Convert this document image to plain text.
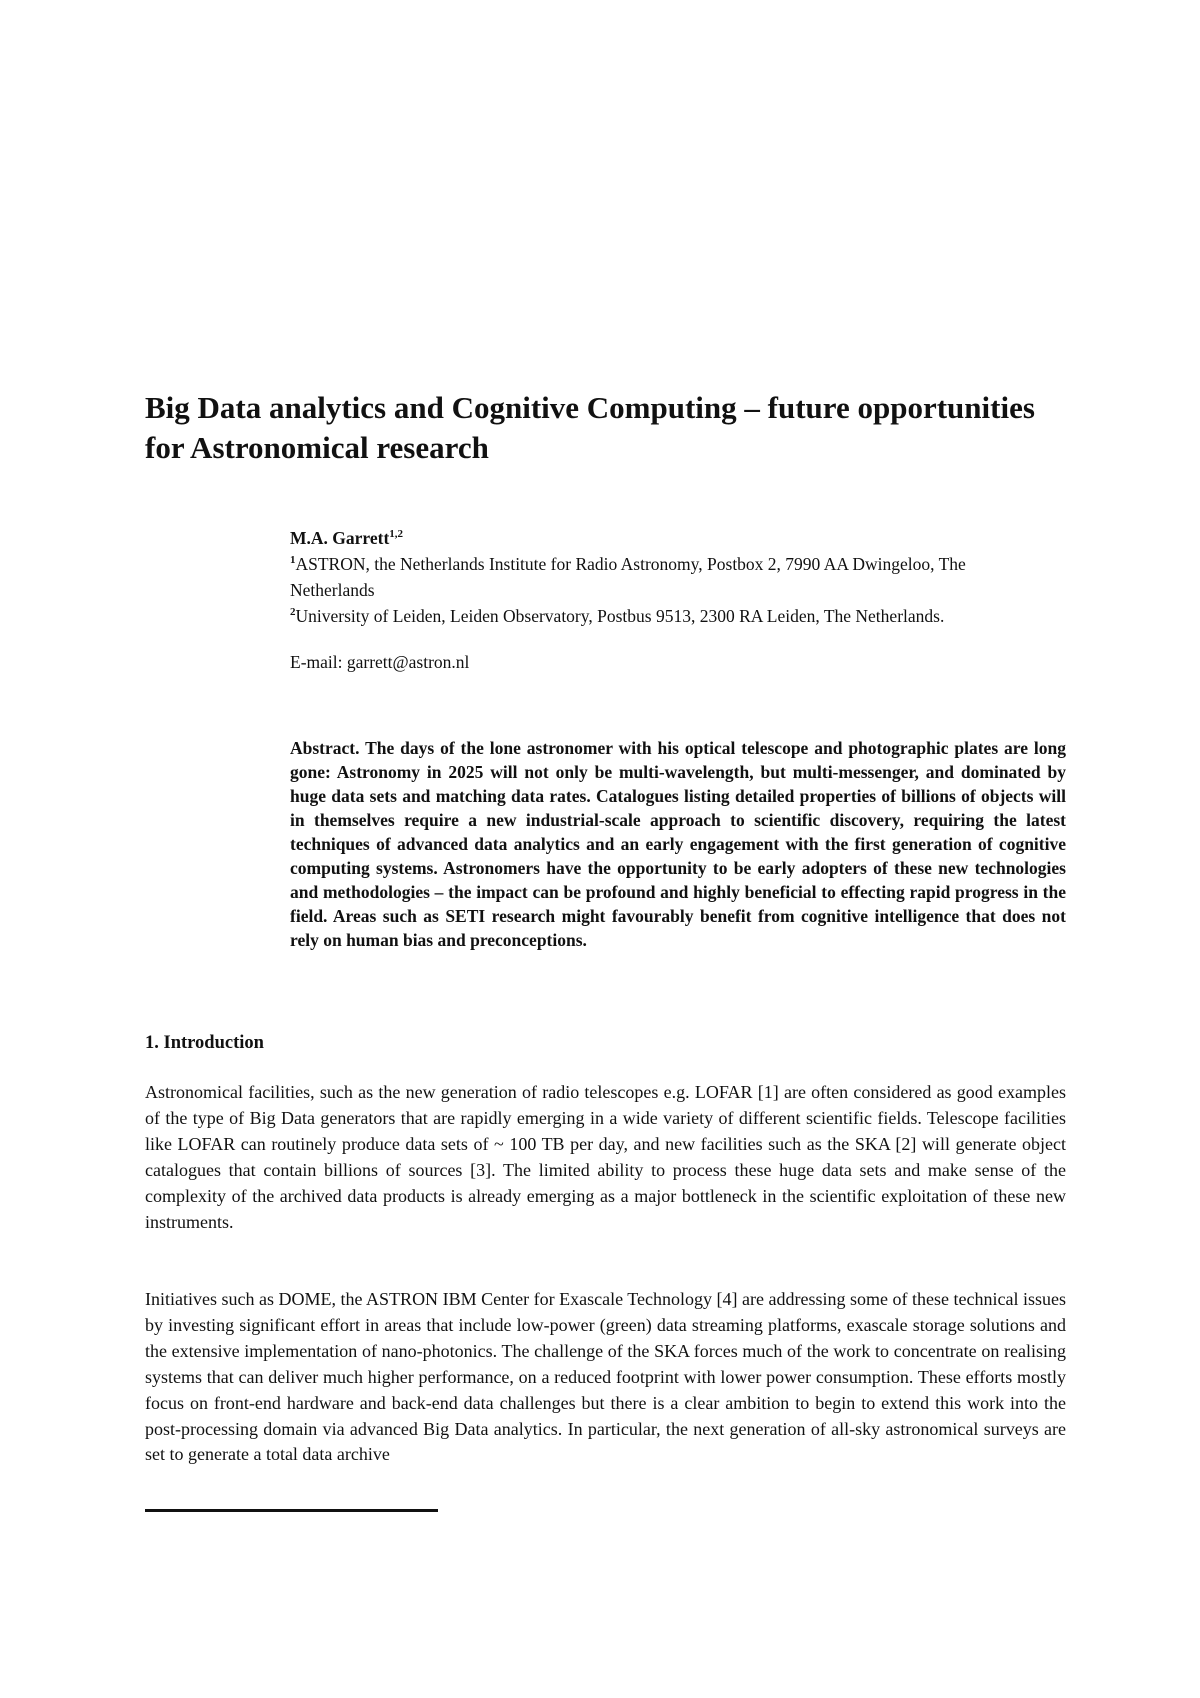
Big Data analytics and Cognitive Computing – future opportunities for Astronomical research
M.A. Garrett$^{1,2}$
$^1$ASTRON, the Netherlands Institute for Radio Astronomy, Postbox 2, 7990 AA Dwingeloo, The Netherlands
$^2$University of Leiden, Leiden Observatory, Postbus 9513, 2300 RA Leiden, The Netherlands.
E-mail: garrett@astron.nl

Abstract. The days of the lone astronomer with his optical telescope and photographic plates are long gone: Astronomy in 2025 will not only be multi-wavelength, but multi-messenger, and dominated by huge data sets and matching data rates. Catalogues listing detailed properties of billions of objects will in themselves require a new industrial-scale approach to scientific discovery, requiring the latest techniques of advanced data analytics and an early engagement with the first generation of cognitive computing systems. Astronomers have the opportunity to be early adopters of these new technologies and methodologies – the impact can be profound and highly beneficial to effecting rapid progress in the field. Areas such as SETI research might favourably benefit from cognitive intelligence that does not rely on human bias and preconceptions.

1. Introduction

Astronomical facilities, such as the new generation of radio telescopes e.g. LOFAR [1] are often considered as good examples of the type of Big Data generators that are rapidly emerging in a wide variety of different scientific fields. Telescope facilities like LOFAR can routinely produce data sets of ~ 100 TB per day, and new facilities such as the SKA [2] will generate object catalogues that contain billions of sources [3]. The limited ability to process these huge data sets and make sense of the complexity of the archived data products is already emerging as a major bottleneck in the scientific exploitation of these new instruments.

Initiatives such as DOME, the ASTRON IBM Center for Exascale Technology [4] are addressing some of these technical issues by investing significant effort in areas that include low-power (green) data streaming platforms, exascale storage solutions and the extensive implementation of nano-photonics. The challenge of the SKA forces much of the work to concentrate on realising systems that can deliver much higher performance, on a reduced footprint with lower power consumption. These efforts mostly focus on front-end hardware and back-end data challenges but there is a clear ambition to begin to extend this work into the post-processing domain via advanced Big Data analytics. In particular, the next generation of all-sky astronomical surveys are set to generate a total data archive
